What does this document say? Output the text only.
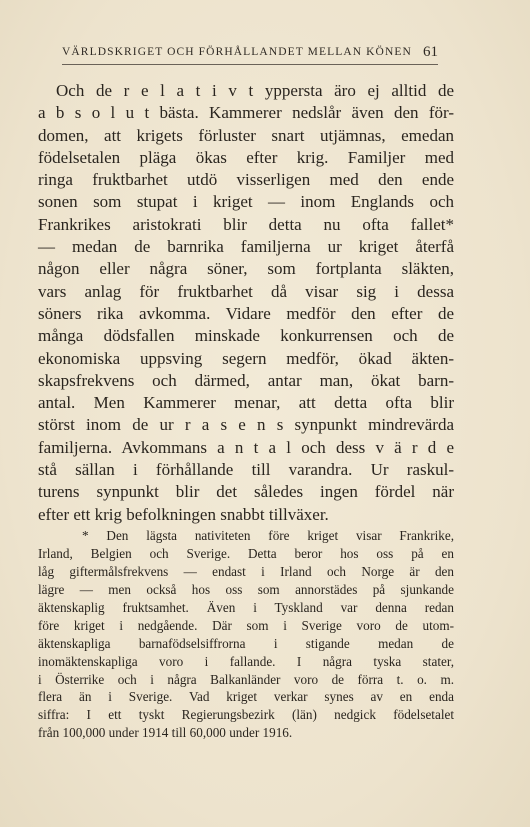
VÄRLDSKRIGET OCH FÖRHÅLLANDET MELLAN KÖNEN 61
Och de r e l a t i v t yppersta äro ej alltid de
a b s o l u t bästa. Kammerer nedslår även den för-
domen, att krigets förluster snart utjämnas, emedan
födelsetalen pläga ökas efter krig. Familjer med
ringa fruktbarhet utdö visserligen med den ende
sonen som stupat i kriget — inom Englands och
Frankrikes aristokrati blir detta nu ofta fallet*
— medan de barnrika familjerna ur kriget återfå
någon eller några söner, som fortplanta släkten,
vars anlag för fruktbarhet då visar sig i dessa
söners rika avkomma. Vidare medför den efter de
många dödsfallen minskade konkurrensen och de
ekonomiska uppsving segern medför, ökad äkten-
skapsfrekvens och därmed, antar man, ökat barn-
antal. Men Kammerer menar, att detta ofta blir
störst inom de ur r a s e n s synpunkt mindrevärda
familjerna. Avkommans a n t a l och dess v ä r d e
stå sällan i förhållande till varandra. Ur raskul-
turens synpunkt blir det således ingen fördel när
efter ett krig befolkningen snabbt tillväxer.
* Den lägsta nativiteten före kriget visar Frankrike,
Irland, Belgien och Sverige. Detta beror hos oss på en
låg giftermålsfrekvens — endast i Irland och Norge är den
lägre — men också hos oss som annorstädes på sjunkande
äktenskaplig fruktsamhet. Även i Tyskland var denna redan
före kriget i nedgående. Där som i Sverige voro de utom-
äktenskapliga barnafödselsiffrorna i stigande medan de
inomäktenskapliga voro i fallande. I några tyska stater,
i Österrike och i några Balkanländer voro de förra t. o. m.
flera än i Sverige. Vad kriget verkar synes av en enda
siffra: I ett tyskt Regierungsbezirk (län) nedgick födelsetalet
från 100,000 under 1914 till 60,000 under 1916.
